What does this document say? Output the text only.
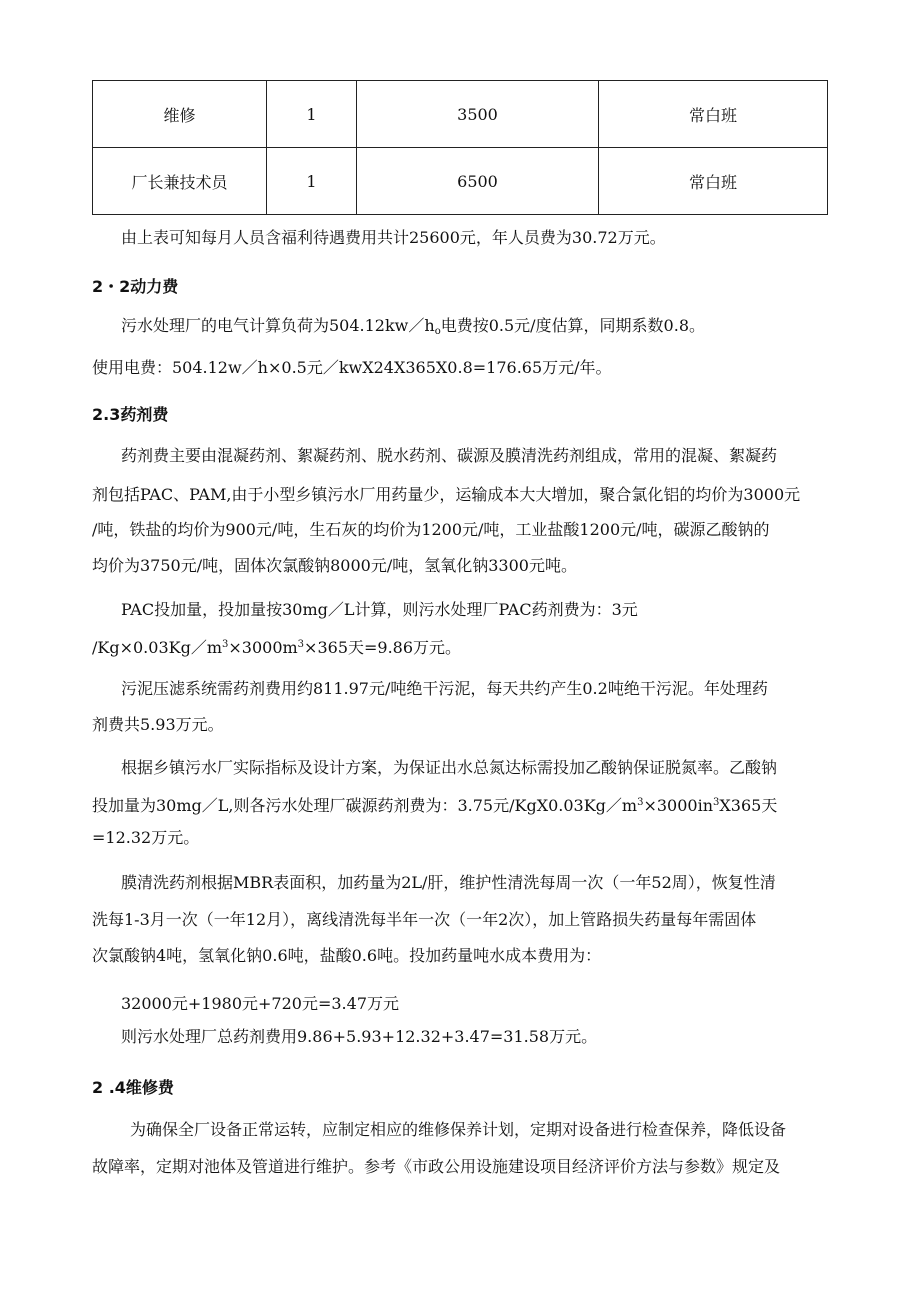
维修	1	3500	常白班
厂长兼技术员	1	6500	常白班
由上表可知每月人员含福利待遇费用共计25600元，年人员费为30.72万元。
2・2动力费
污水处理厂的电气计算负荷为$504.12kw/h_o$电费按0.5元/度估算，同期系数0.8。
使用电费：504.12w／h×0.5元／kwX24X365X0.8=176.65万元/年。
2.3药剂费
药剂费主要由混凝药剂、絮凝药剂、脱水药剂、碳源及膜清洗药剂组成，常用的混凝、絮凝药
剂包括PAC、PAM,由于小型乡镇污水厂用药量少，运输成本大大增加，聚合氯化铝的均价为3000元
/吨，铁盐的均价为900元/吨，生石灰的均价为1200元/吨，工业盐酸1200元/吨，碳源乙酸钠的
均价为3750元/吨，固体次氯酸钠8000元/吨，氢氧化钠3300元吨。
PAC投加量，投加量按30mg／L计算，则污水处理厂PAC药剂费为：3元
$/Kg\times 0.03Kg/m^3\times 3000m^3\times 365$天=9.86万元。
污泥压滤系统需药剂费用约811.97元/吨绝干污泥，每天共约产生0.2吨绝干污泥。年处理药
剂费共5.93万元。
根据乡镇污水厂实际指标及设计方案，为保证出水总氮达标需投加乙酸钠保证脱氮率。乙酸钠
投加量为30mg／L,则各污水处理厂碳源药剂费为：3.75元$/KgX0.03Kg/m^3\times 3000in^3X365$天
=12.32万元。
膜清洗药剂根据MBR表面积，加药量为2L/肝，维护性清洗每周一次（一年52周），恢复性清
洗每1-3月一次（一年12月），离线清洗每半年一次（一年2次），加上管路损失药量每年需固体
次氯酸钠4吨，氢氧化钠0.6吨，盐酸0.6吨。投加药量吨水成本费用为：
32000元+1980元+720元=3.47万元
则污水处理厂总药剂费用9.86+5.93+12.32+3.47=31.58万元。
2 .4维修费
为确保全厂设备正常运转，应制定相应的维修保养计划，定期对设备进行检查保养，降低设备
故障率，定期对池体及管道进行维护。参考《市政公用设施建设项目经济评价方法与参数》规定及
